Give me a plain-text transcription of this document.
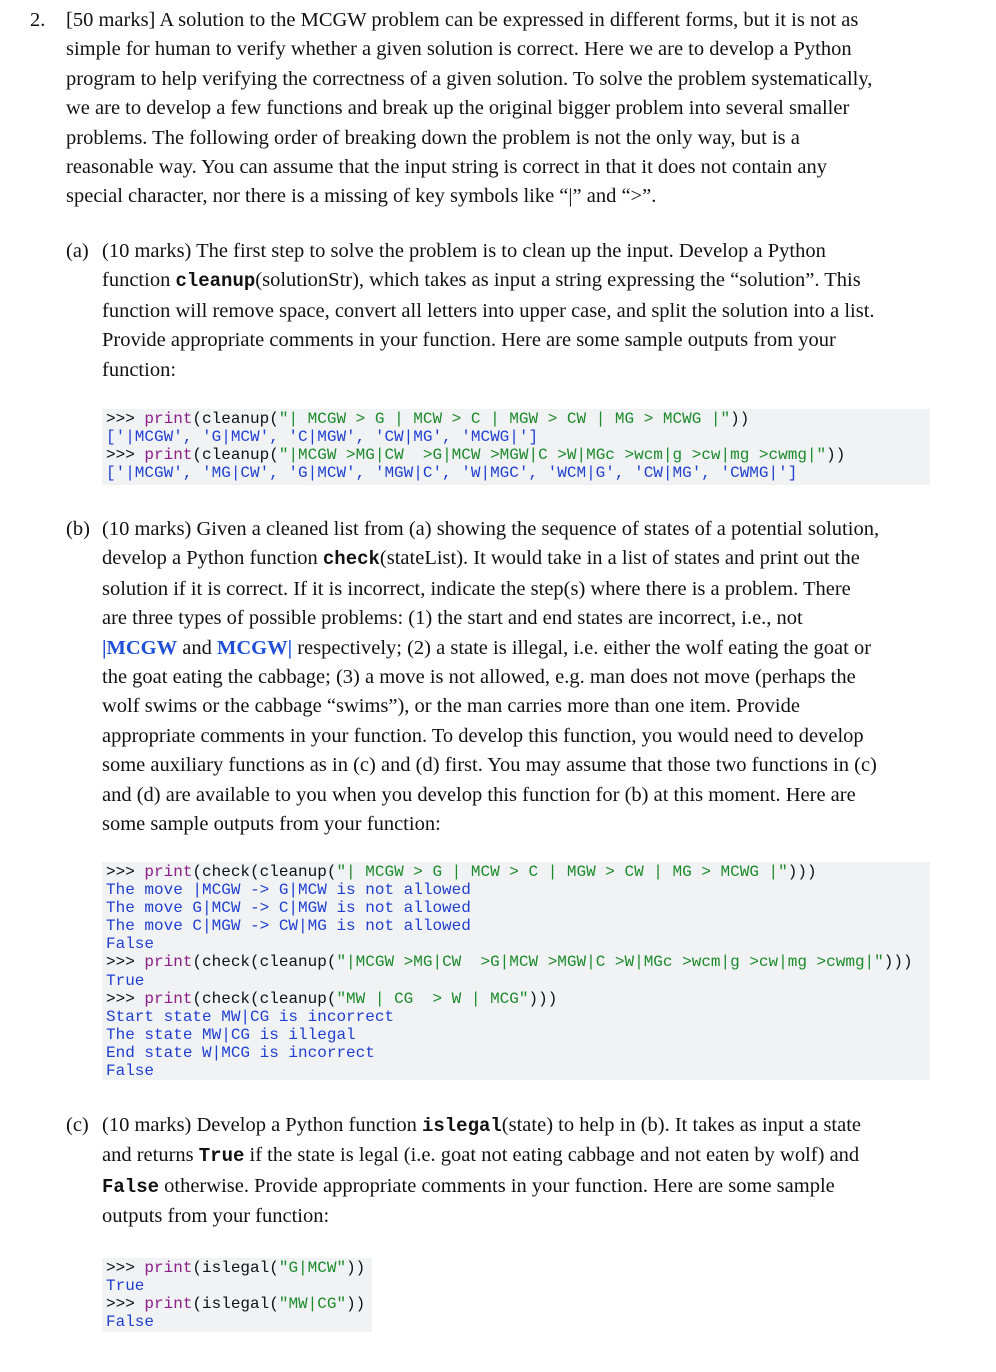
2. [50 marks] A solution to the MCGW problem can be expressed in different forms, but it is not as
simple for human to verify whether a given solution is correct. Here we are to develop a Python
program to help verifying the correctness of a given solution. To solve the problem systematically,
we are to develop a few functions and break up the original bigger problem into several smaller
problems. The following order of breaking down the problem is not the only way, but is a
reasonable way. You can assume that the input string is correct in that it does not contain any
special character, nor there is a missing of key symbols like “|” and “>”.
(a) (10 marks) The first step to solve the problem is to clean up the input. Develop a Python
function cleanup(solutionStr), which takes as input a string expressing the “solution”. This
function will remove space, convert all letters into upper case, and split the solution into a list.
Provide appropriate comments in your function. Here are some sample outputs from your
function:
>>> print(cleanup("| MCGW > G | MCW > C | MGW > CW | MG > MCWG |"))
['|MCGW', 'G|MCW', 'C|MGW', 'CW|MG', 'MCWG|']
>>> print(cleanup("|MCGW >MG|CW  >G|MCW >MGW|C >W|MGc >wcm|g >cw|mg >cwmg|"))
['|MCGW', 'MG|CW', 'G|MCW', 'MGW|C', 'W|MGC', 'WCM|G', 'CW|MG', 'CWMG|']
(b) (10 marks) Given a cleaned list from (a) showing the sequence of states of a potential solution,
develop a Python function check(stateList). It would take in a list of states and print out the
solution if it is correct. If it is incorrect, indicate the step(s) where there is a problem. There
are three types of possible problems: (1) the start and end states are incorrect, i.e., not
|MCGW and MCGW| respectively; (2) a state is illegal, i.e. either the wolf eating the goat or
the goat eating the cabbage; (3) a move is not allowed, e.g. man does not move (perhaps the
wolf swims or the cabbage “swims”), or the man carries more than one item. Provide
appropriate comments in your function. To develop this function, you would need to develop
some auxiliary functions as in (c) and (d) first. You may assume that those two functions in (c)
and (d) are available to you when you develop this function for (b) at this moment. Here are
some sample outputs from your function:
>>> print(check(cleanup("| MCGW > G | MCW > C | MGW > CW | MG > MCWG |")))
The move |MCGW -> G|MCW is not allowed
The move G|MCW -> C|MGW is not allowed
The move C|MGW -> CW|MG is not allowed
False
>>> print(check(cleanup("|MCGW >MG|CW  >G|MCW >MGW|C >W|MGc >wcm|g >cw|mg >cwmg|")))
True
>>> print(check(cleanup("MW | CG  > W | MCG")))
Start state MW|CG is incorrect
The state MW|CG is illegal
End state W|MCG is incorrect
False
(c) (10 marks) Develop a Python function islegal(state) to help in (b). It takes as input a state
and returns True if the state is legal (i.e. goat not eating cabbage and not eaten by wolf) and
False otherwise. Provide appropriate comments in your function. Here are some sample
outputs from your function:
>>> print(islegal("G|MCW"))
True
>>> print(islegal("MW|CG"))
False
